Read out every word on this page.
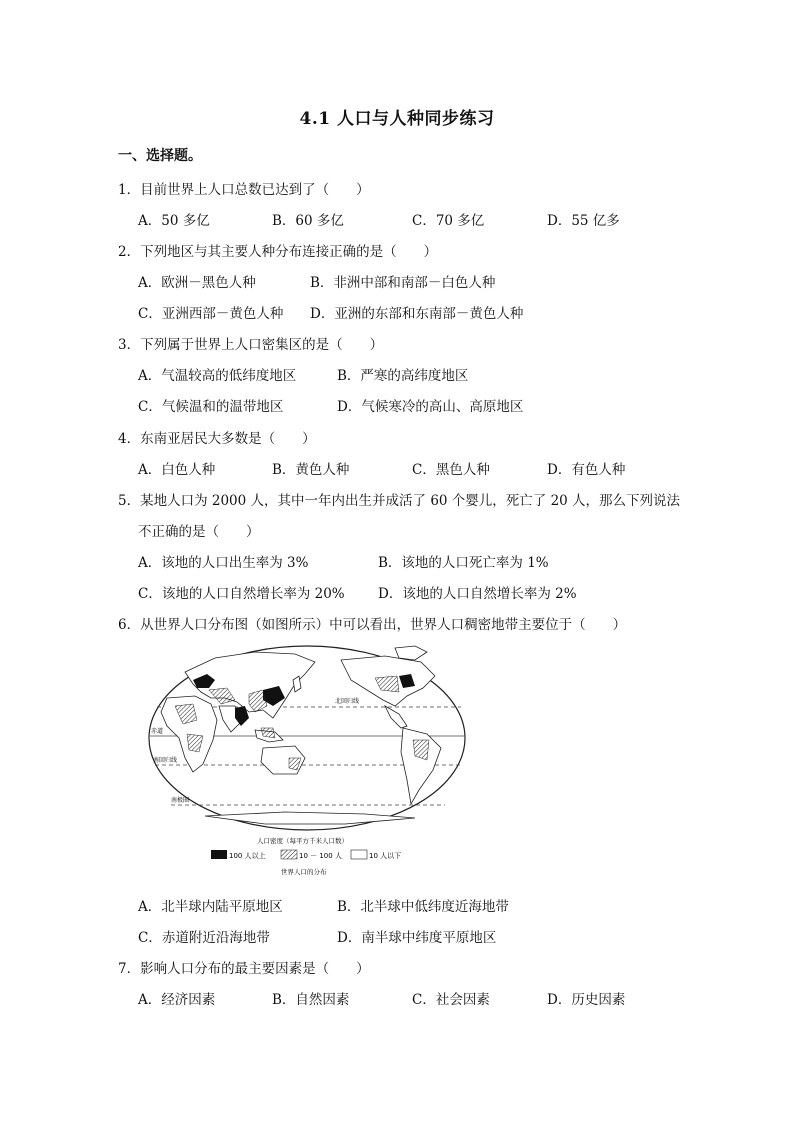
4.1 人口与人种同步练习
一、选择题。
1．目前世界上人口总数已达到了（　　）
A．50 多亿	B．60 多亿	C．70 多亿	D．55 亿多
2．下列地区与其主要人种分布连接正确的是（　　）
A．欧洲－黑色人种	B．非洲中部和南部－白色人种
C．亚洲西部－黄色人种 D．亚洲的东部和东南部－黄色人种
3．下列属于世界上人口密集区的是（　　）
A．气温较高的低纬度地区	B．严寒的高纬度地区
C．气候温和的温带地区	D．气候寒冷的高山、高原地区
4．东南亚居民大多数是（　　）
A．白色人种	B．黄色人种	C．黑色人种	D．有色人种
5．某地人口为 2000 人，其中一年内出生并成活了 60 个婴儿，死亡了 20 人，那么下列说法
不正确的是（　　）
A．该地的人口出生率为 3%	B．该地的人口死亡率为 1%
C．该地的人口自然增长率为 20% D．该地的人口自然增长率为 2%
6．从世界人口分布图（如图所示）中可以看出，世界人口稠密地带主要位于（　　）
北回归线
赤道
南回归线
南极圈
人口密度（每平方千米人口数）
100 人以上	10 － 100 人	10 人以下
世界人口的分布
A．北半球内陆平原地区	B．北半球中低纬度近海地带
C．赤道附近沿海地带	D．南半球中纬度平原地区
7．影响人口分布的最主要因素是（　　）
A．经济因素	B．自然因素	C．社会因素	D．历史因素
